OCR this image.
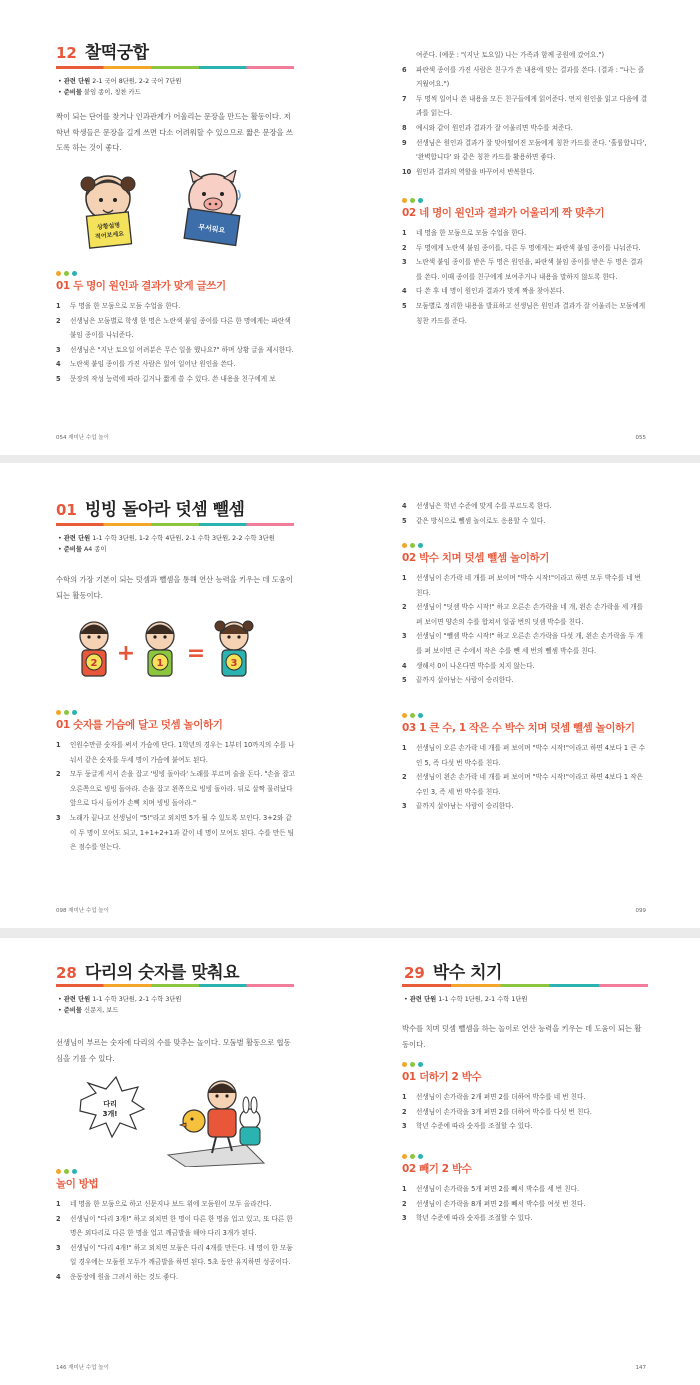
12 찰떡궁합
• 관련 단원 2-1 국어 8단원, 2-2 국어 7단원
• 준비물 붙임 종이, 칭찬 카드
짝이 되는 단어를 찾거나 인과관계가 어울리는 문장을 만드는 활동이다. 저학년 학생들은 문장을 길게 쓰면 다소 어려워할 수 있으므로 짧은 문장을 쓰도록 하는 것이 좋다.
상황설명
적어보세요
무서워요
01 두 명이 원인과 결과가 맞게 글쓰기
1	두 명을 한 모둠으로 모둠 수업을 한다.
2	선생님은 모둠별로 학생 한 명은 노란색 붙임 종이를 다른 한 명에게는 파란색 붙임 종이를 나눠준다.
3	선생님은 "지난 토요일 어려분은 무슨 일을 했나요?" 하며 상황 글을 제시한다.
4	노란색 붙임 종이를 가진 사람은 일어 일어난 원인을 쓴다.
5	문장의 작성 능력에 따라 길거나 짧게 쓸 수 있다. 쓴 내용을 친구에게 보
054 재미난 수업 놀이
여준다. (예문 : "(지난 토요일) 나는 가족과 함께 공원에 갔어요.")
6	파란색 종이를 가진 사람은 친구가 쓴 내용에 맞는 결과를 쓴다. (결과 : "나는 즐거웠어요.")
7	두 명씩 일어나 쓴 내용을 모든 친구들에게 읽어준다. 먼저 원인을 읽고 다음에 결과를 읽는다.
8	예시와 같이 원인과 결과가 잘 어울리면 박수를 쳐준다.
9	선생님은 원인과 결과가 잘 맞아떨어진 모둠에게 칭찬 카드를 준다. '훌륭합니다', '완벽합니다' 와 같은 칭찬 카드를 활용하면 좋다.
10 원인과 결과의 역할을 바꾸어서 반복한다.
02 네 명이 원인과 결과가 어울리게 짝 맞추기
1	네 명을 한 모둠으로 모둠 수업을 한다.
2	두 명에게 노란색 붙임 종이를, 다른 두 명에게는 파란색 붙임 종이를 나눠준다.
3	노란색 붙임 종이를 받은 두 명은 원인을, 파란색 붙임 종이를 받은 두 명은 결과를 쓴다. 이때 종이를 친구에게 보여주거나 내용을 말하지 않도록 한다.
4	다 쓴 후 네 명이 원인과 결과가 맞게 짝을 찾아본다.
5	모둠별로 정리한 내용을 발표하고 선생님은 원인과 결과가 잘 어울리는 모둠에게 칭찬 카드를 준다.
055
01 빙빙 돌아라 덧셈 뺄셈
• 관련 단원 1-1 수학 3단원, 1-2 수학 4단원, 2-1 수학 3단원, 2-2 수학 3단원
• 준비물 A4 종이
수학의 가장 기본이 되는 덧셈과 뺄셈을 통해 연산 능력을 키우는 데 도움이 되는 활동이다.
2 + 1 =	3
01 숫자를 가슴에 달고 덧셈 놀이하기
1	인원수만큼 숫자를 써서 가슴에 단다. 1학년의 경우는 1부터 10까지의 수를 나눠서 같은 숫자를 두세 명이 가슴에 붙여도 된다.
2	모두 둥글게 서서 손을 잡고 '빙빙 돌아라' 노래를 부르며 술을 돈다. "손을 잡고 오른쪽으로 빙빙 돌아라. 손을 잡고 왼쪽으로 빙빙 돌아라. 뒤로 살짝 물러났다 앞으로 다시 들어가 손뼉 치며 빙빙 돌아라."
3	노래가 끝나고 선생님이 "5!"라고 외치면 5가 될 수 있도록 모인다. 3+2와 같이 두 명이 모여도 되고, 1+1+2+1과 같이 네 명이 모여도 된다. 수를 만든 팀은 점수를 얻는다.
098 재미난 수업 놀이
4	선생님은 학년 수준에 맞게 수를 부르도록 한다.
5	같은 방식으로 뺄셈 놀이로도 응용할 수 있다.
02 박수 치며 덧셈 뺄셈 놀이하기
1	선생님이 손가락 네 개를 펴 보이며 "박수 시작!"이라고 하면 모두 박수를 네 번 친다.
2	선생님이 "덧셈 박수 시작!" 하고 오른손 손가락을 네 개, 왼손 손가락을 세 개를 펴 보이면 양손의 수를 합쳐서 일곱 번의 덧셈 박수를 친다.
3	선생님이 "뺄셈 박수 시작!" 하고 오른손 손가락을 다섯 개, 왼손 손가락을 두 개를 펴 보이면 큰 수에서 작은 수를 뺀 세 번의 뺄셈 박수를 친다.
4	생해서 0이 나온다면 박수를 치지 않는다.
5	끝까지 살아남는 사람이 승리한다.
03 1 큰 수, 1 작은 수 박수 치며 덧셈 뺄셈 놀이하기
1	선생님이 오른 손가락 네 개를 펴 보이며 "박수 시작!"이라고 하면 4보다 1 큰 수인 5, 즉 다섯 번 박수를 친다.
2	선생님이 왼손 손가락 네 개를 펴 보이며 "박수 시작!"이라고 하면 4보다 1 작은 수인 3, 즉 세 번 박수를 친다.
3	끝까지 살아남는 사람이 승리한다.
099
28 다리의 숫자를 맞춰요
• 관련 단원 1-1 수학 3단원, 2-1 수학 3단원
• 준비물 신문지, 보드
선생님이 부르는 숫자에 다리의 수를 맞추는 놀이다. 모둠별 활동으로 협동심을 기를 수 있다.
다리
3개!
놀이 방법
1	네 명을 한 모둠으로 하고 신문지나 보드 위에 모둠원이 모두 올라간다.
2	선생님이 "다리 3개!" 하고 외치면 한 명이 다른 한 명을 업고 있고, 또 다른 한 명은 외다리로 다른 한 명을 업고 깨금발을 해야 다리 3개가 된다.
3	선생님이 "다리 4개!" 하고 외치면 모둠은 다리 4개를 만든다. 네 명이 한 모둠일 경우에는 모둠원 모두가 깨금발을 하면 된다. 5초 동안 유지하면 성공이다.
4	운동장에 원을 그려서 하는 것도 좋다.
146 재미난 수업 놀이
29 박수 치기
• 관련 단원 1-1 수학 1단원, 2-1 수학 1단원
박수를 치며 덧셈 뺄셈을 하는 놀이로 연산 능력을 키우는 데 도움이 되는 활동이다.
01 더하기 2 박수
1	선생님이 손가락을 2개 펴면 2를 더하여 박수를 네 번 친다.
2	선생님이 손가락을 3개 펴면 2를 더하여 박수를 다섯 번 친다.
3	학년 수준에 따라 숫자를 조절할 수 있다.
02 빼기 2 박수
1	선생님이 손가락을 5개 펴면 2를 빼서 박수를 세 번 친다.
2	선생님이 손가락을 8개 펴면 2를 빼서 박수를 여섯 번 친다.
3	학년 수준에 따라 숫자를 조절할 수 있다.
147
